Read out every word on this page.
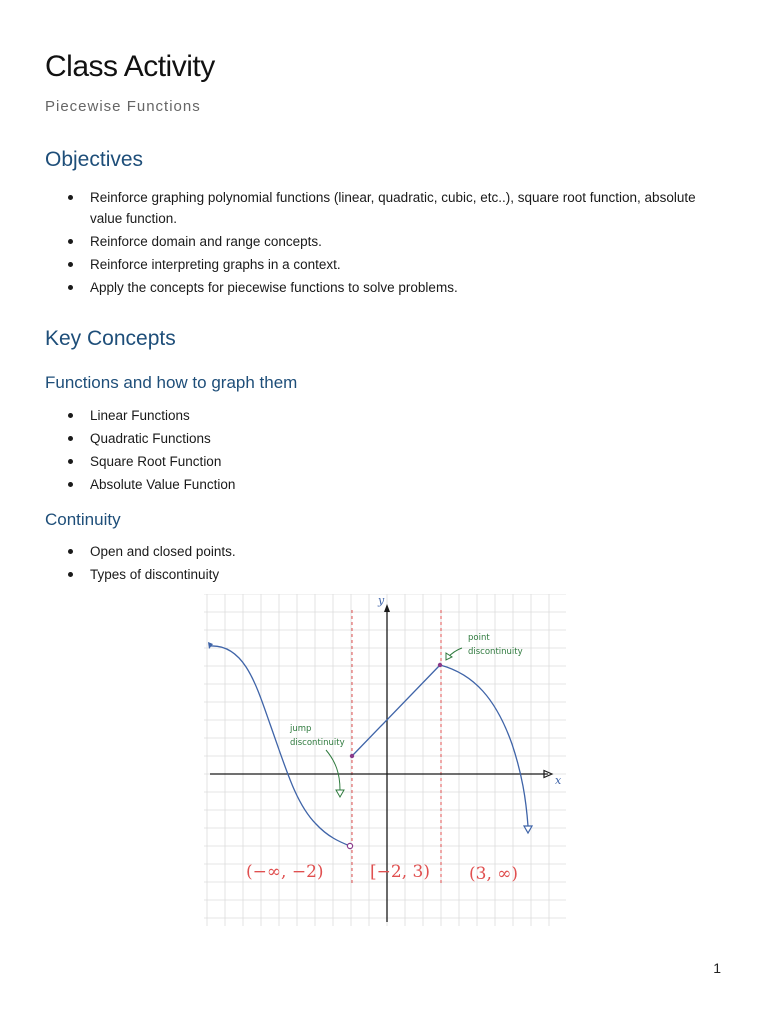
Class Activity

Piecewise Functions

Objectives
Reinforce graphing polynomial functions (linear, quadratic, cubic, etc..), square root function, absolute value function.
Reinforce domain and range concepts.
Reinforce interpreting graphs in a context.
Apply the concepts for piecewise functions to solve problems.
Key Concepts
Functions and how to graph them
Linear Functions
Quadratic Functions
Square Root Function
Absolute Value Function
Continuity
Open and closed points.
Types of discontinuity
y
x
point
discontinuity
jump
discontinuity
(−∞, −2)	[−2, 3) (3, ∞)
1
